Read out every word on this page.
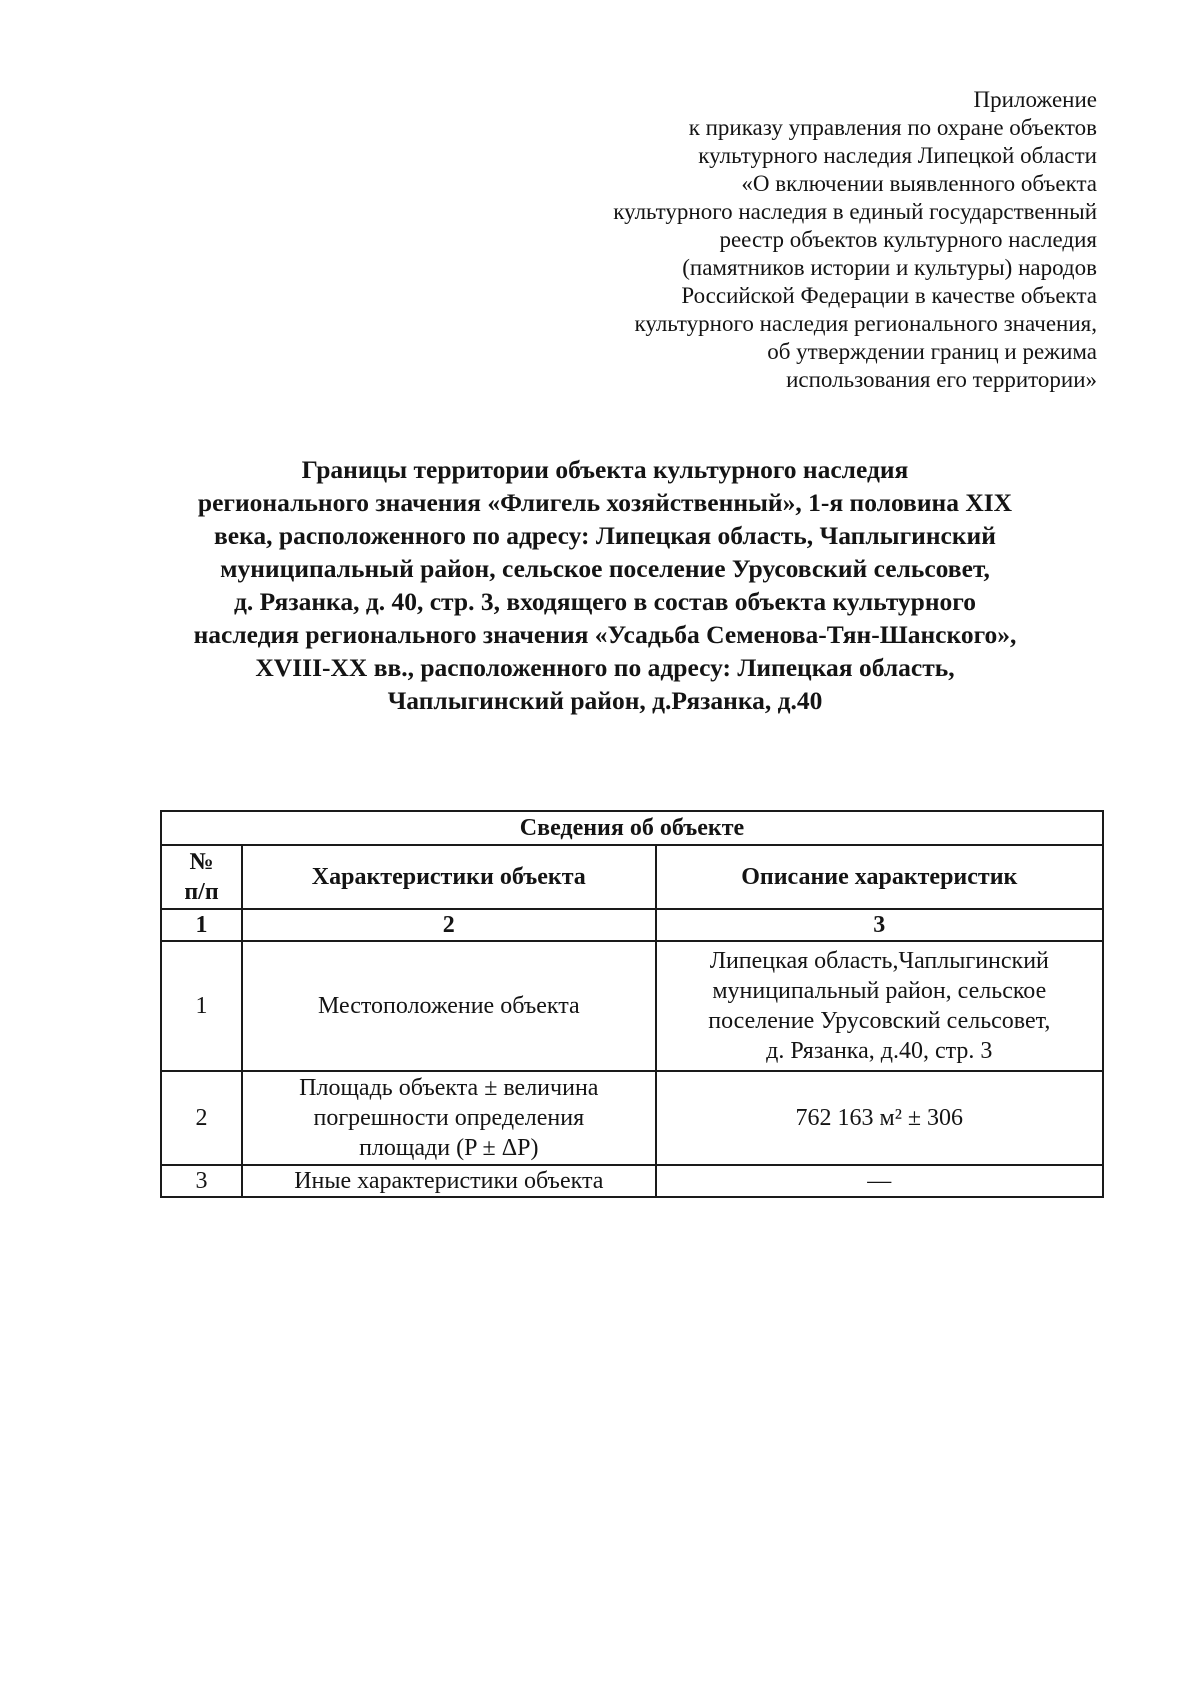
Приложение
к приказу управления по охране объектов
культурного наследия Липецкой области
«О включении выявленного объекта
культурного наследия в единый государственный
реестр объектов культурного наследия
(памятников истории и культуры) народов
Российской Федерации в качестве объекта
культурного наследия регионального значения,
об утверждении границ и режима
использования его территории»
Границы территории объекта культурного наследия
регионального значения «Флигель хозяйственный», 1-я половина XIX
века, расположенного по адресу: Липецкая область, Чаплыгинский
муниципальный район, сельское поселение Урусовский сельсовет,
д. Рязанка, д. 40, стр. 3, входящего в состав объекта культурного
наследия регионального значения «Усадьба Семенова-Тян-Шанского»,
XVIII-XX вв., расположенного по адресу: Липецкая область,
Чаплыгинский район, д.Рязанка, д.40
Сведения об объекте		

№
п/п	Характеристики объекта	Описание характеристик
1	2	3
1	Местоположение объекта	Липецкая область,Чаплыгинский
муниципальный район, сельское
поселение Урусовский сельсовет,
д. Рязанка, д.40, стр. 3

2	Площадь объекта ± величина
погрешности определения
площади (P ± ΔP)	762 163 м² ± 306

3	Иные характеристики объекта	—
